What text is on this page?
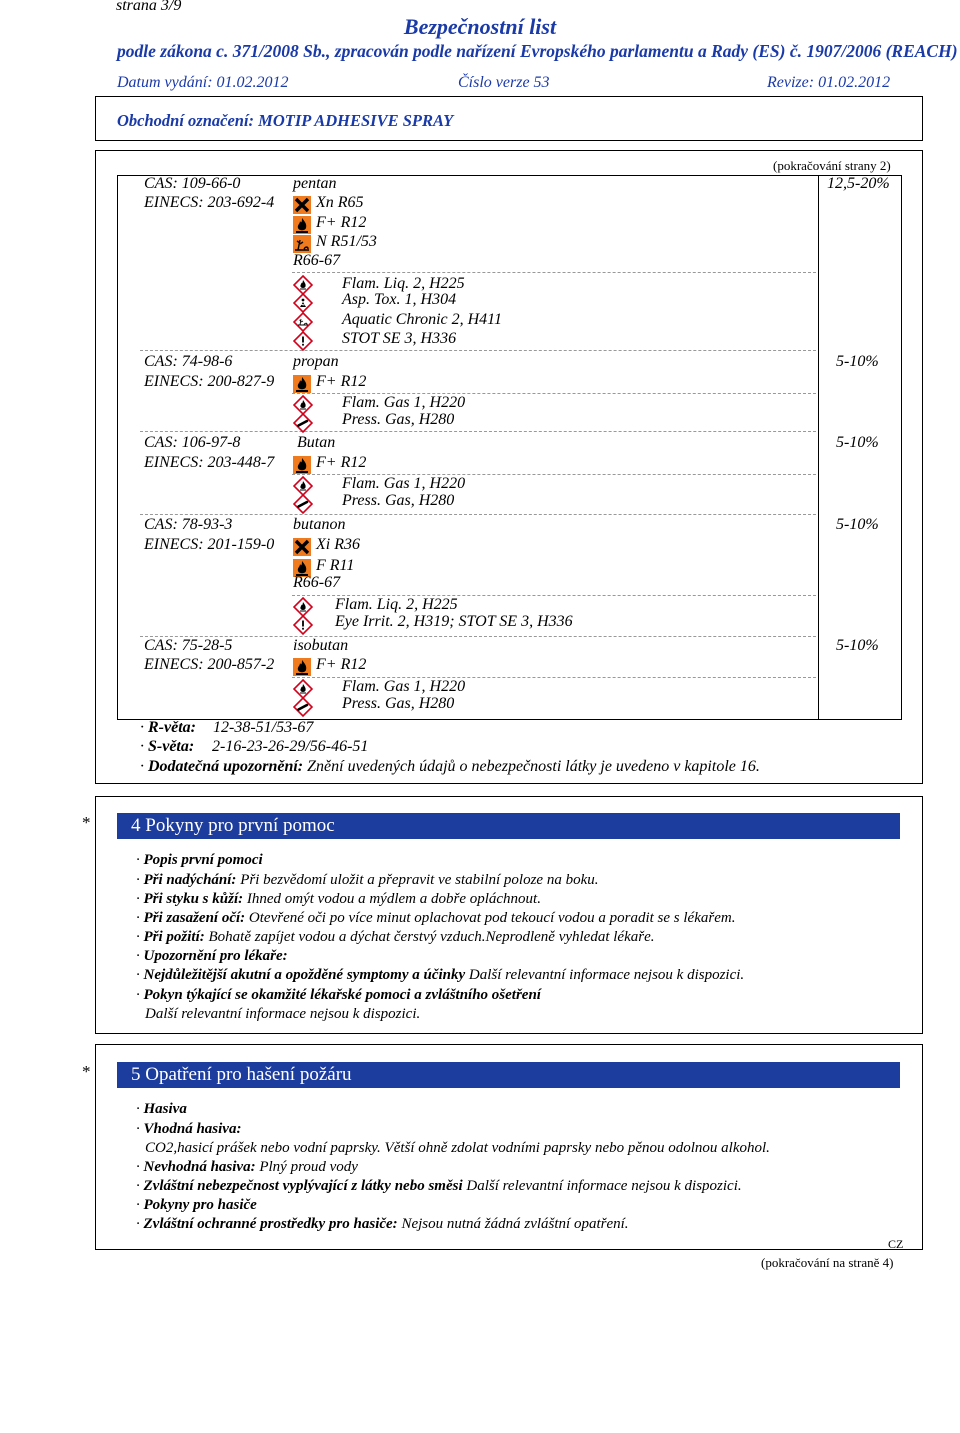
strana 3/9
Bezpečnostní list
podle zákona c. 371/2008 Sb., zpracován podle nařízení Evropského parlamentu a Rady (ES) č. 1907/2006 (REACH)
Datum vydání: 01.02.2012	Číslo verze 53	Revize: 01.02.2012
Obchodní označení: MOTIP ADHESIVE SPRAY
(pokračování strany 2)
CAS: 109-66-0
EINECS: 203-692-4
pentan	12,5-20%
Xn R65
F+ R12
N R51/53
R66-67
Flam. Liq. 2, H225
Asp. Tox. 1, H304
Aquatic Chronic 2, H411
STOT SE 3, H336
CAS: 74-98-6
EINECS: 200-827-9
propan	5-10%
F+ R12
Flam. Gas 1, H220
Press. Gas, H280
CAS: 106-97-8
EINECS: 203-448-7
Butan	5-10%
F+ R12
Flam. Gas 1, H220
Press. Gas, H280
CAS: 78-93-3
EINECS: 201-159-0
butanon	5-10%
Xi R36
F R11
R66-67
Flam. Liq. 2, H225
Eye Irrit. 2, H319; STOT SE 3, H336
CAS: 75-28-5
EINECS: 200-857-2
isobutan	5-10%
F+ R12
Flam. Gas 1, H220
Press. Gas, H280
· R-věta: 12-38-51/53-67
· S-věta: 2-16-23-26-29/56-46-51
· Dodatečná upozornění: Znění uvedených údajů o nebezpečnosti látky je uvedeno v kapitole 16.
* 4 Pokyny pro první pomoc
· Popis první pomoci
· Při nadýchání: Při bezvědomí uložit a přepravit ve stabilní poloze na boku.
· Při styku s kůží: Ihned omýt vodou a mýdlem a dobře opláchnout.
· Při zasažení očí: Otevřené oči po více minut oplachovat pod tekoucí vodou a poradit se s lékařem.
· Při požití: Bohatě zapíjet vodou a dýchat čerstvý vzduch.Neprodleně vyhledat lékaře.
· Upozornění pro lékaře:
· Nejdůležitější akutní a opožděné symptomy a účinky Další relevantní informace nejsou k dispozici.
· Pokyn týkající se okamžité lékařské pomoci a zvláštního ošetření
Další relevantní informace nejsou k dispozici.
* 5 Opatření pro hašení požáru
· Hasiva
· Vhodná hasiva:
CO2,hasicí prášek nebo vodní paprsky. Větší ohně zdolat vodními paprsky nebo pěnou odolnou alkohol.
· Nevhodná hasiva: Plný proud vody
· Zvláštní nebezpečnost vyplývající z látky nebo směsi Další relevantní informace nejsou k dispozici.
· Pokyny pro hasiče
· Zvláštní ochranné prostředky pro hasiče: Nejsou nutná žádná zvláštní opatření.
CZ
(pokračování na straně 4)
